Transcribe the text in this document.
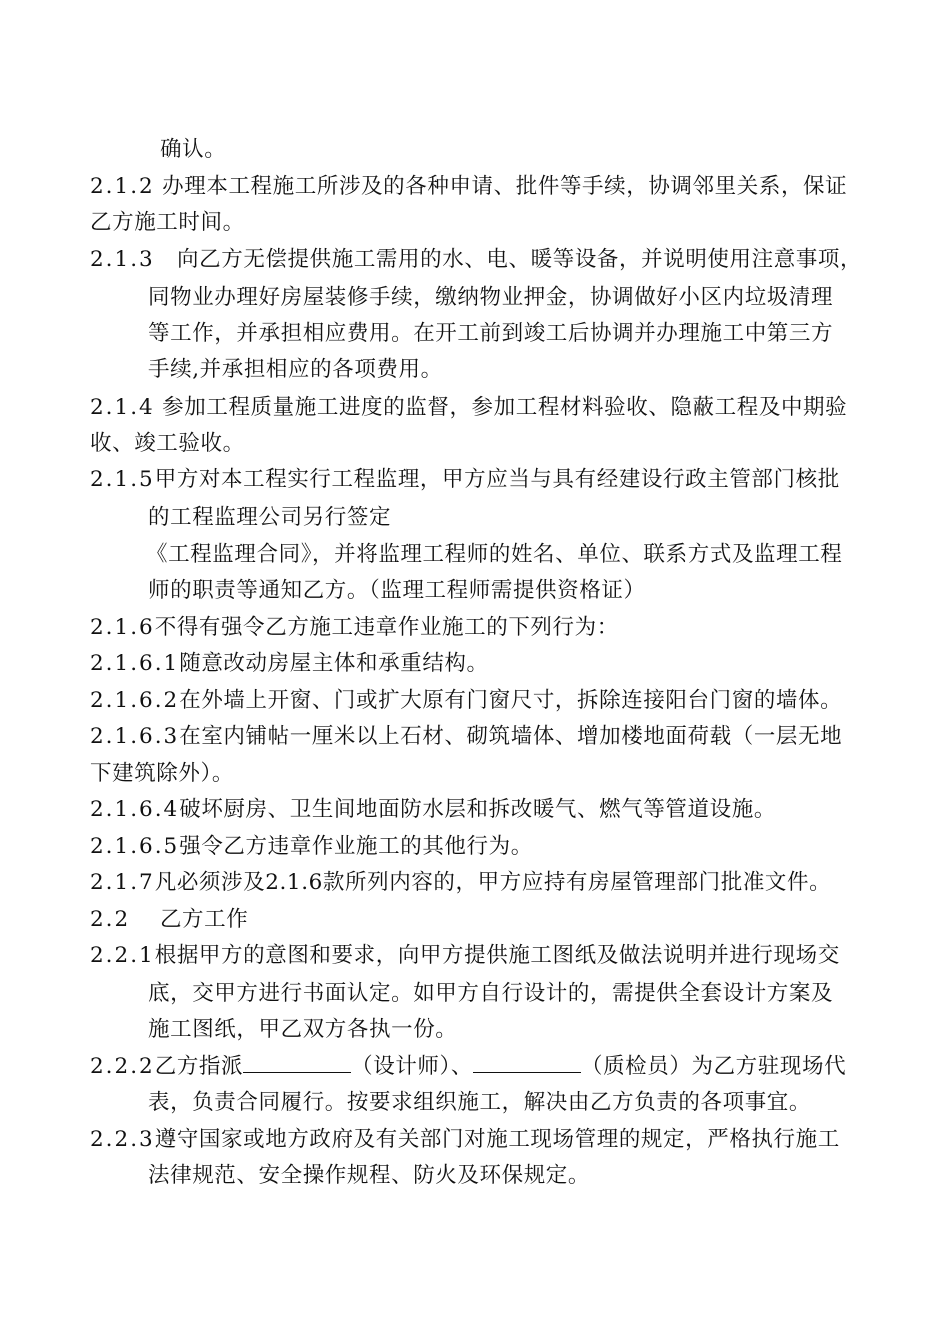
确认。
2.1.2 办理本工程施工所涉及的各种申请、批件等手续，协调邻里关系，保证
乙方施工时间。
2.1.3   向乙方无偿提供施工需用的水、电、暖等设备，并说明使用注意事项，
同物业办理好房屋装修手续，缴纳物业押金，协调做好小区内垃圾清理
等工作，并承担相应费用。在开工前到竣工后协调并办理施工中第三方
手续,并承担相应的各项费用。
2.1.4 参加工程质量施工进度的监督，参加工程材料验收、隐蔽工程及中期验
收、竣工验收。
2.1.5甲方对本工程实行工程监理，甲方应当与具有经建设行政主管部门核批
的工程监理公司另行签定
《工程监理合同》，并将监理工程师的姓名、单位、联系方式及监理工程
师的职责等通知乙方。（监理工程师需提供资格证）
2.1.6不得有强令乙方施工违章作业施工的下列行为：
2.1.6.1随意改动房屋主体和承重结构。
2.1.6.2在外墙上开窗、门或扩大原有门窗尺寸，拆除连接阳台门窗的墙体。
2.1.6.3在室内铺帖一厘米以上石材、砌筑墙体、增加楼地面荷载（一层无地
下建筑除外）。
2.1.6.4破坏厨房、卫生间地面防水层和拆改暖气、燃气等管道设施。
2.1.6.5强令乙方违章作业施工的其他行为。
2.1.7凡必须涉及2.1.6款所列内容的，甲方应持有房屋管理部门批准文件。
2.2    乙方工作
2.2.1根据甲方的意图和要求，向甲方提供施工图纸及做法说明并进行现场交
底，交甲方进行书面认定。如甲方自行设计的，需提供全套设计方案及
施工图纸，甲乙双方各执一份。
2.2.2乙方指派	（设计师）、	（质检员）为乙方驻现场代
表，负责合同履行。按要求组织施工，解决由乙方负责的各项事宜。
2.2.3遵守国家或地方政府及有关部门对施工现场管理的规定，严格执行施工
法律规范、安全操作规程、防火及环保规定。
